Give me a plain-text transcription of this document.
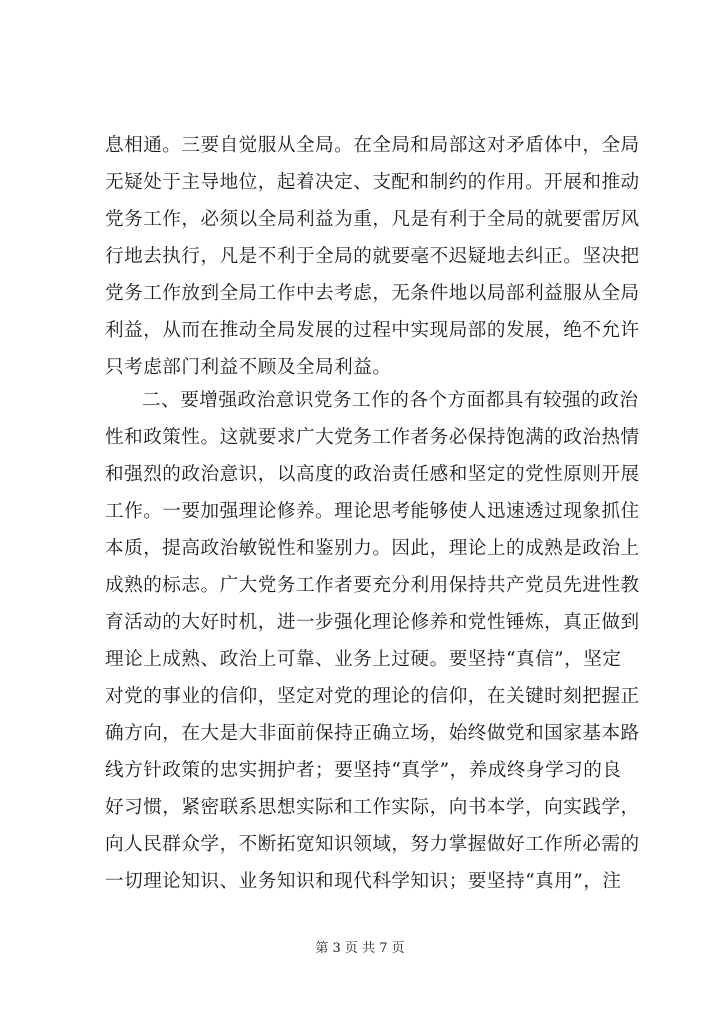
息相通。三要自觉服从全局。在全局和局部这对矛盾体中，全局
无疑处于主导地位，起着决定、支配和制约的作用。开展和推动
党务工作，必须以全局利益为重，凡是有利于全局的就要雷厉风
行地去执行，凡是不利于全局的就要毫不迟疑地去纠正。坚决把
党务工作放到全局工作中去考虑，无条件地以局部利益服从全局
利益，从而在推动全局发展的过程中实现局部的发展，绝不允许
只考虑部门利益不顾及全局利益。
二、要增强政治意识党务工作的各个方面都具有较强的政治
性和政策性。这就要求广大党务工作者务必保持饱满的政治热情
和强烈的政治意识，以高度的政治责任感和坚定的党性原则开展
工作。一要加强理论修养。理论思考能够使人迅速透过现象抓住
本质，提高政治敏锐性和鉴别力。因此，理论上的成熟是政治上
成熟的标志。广大党务工作者要充分利用保持共产党员先进性教
育活动的大好时机，进一步强化理论修养和党性锤炼，真正做到
理论上成熟、政治上可靠、业务上过硬。要坚持“真信”，坚定
对党的事业的信仰，坚定对党的理论的信仰，在关键时刻把握正
确方向，在大是大非面前保持正确立场，始终做党和国家基本路
线方针政策的忠实拥护者；要坚持“真学”，养成终身学习的良
好习惯，紧密联系思想实际和工作实际，向书本学，向实践学，
向人民群众学，不断拓宽知识领域，努力掌握做好工作所必需的
一切理论知识、业务知识和现代科学知识；要坚持“真用”，注
第 3 页 共 7 页
